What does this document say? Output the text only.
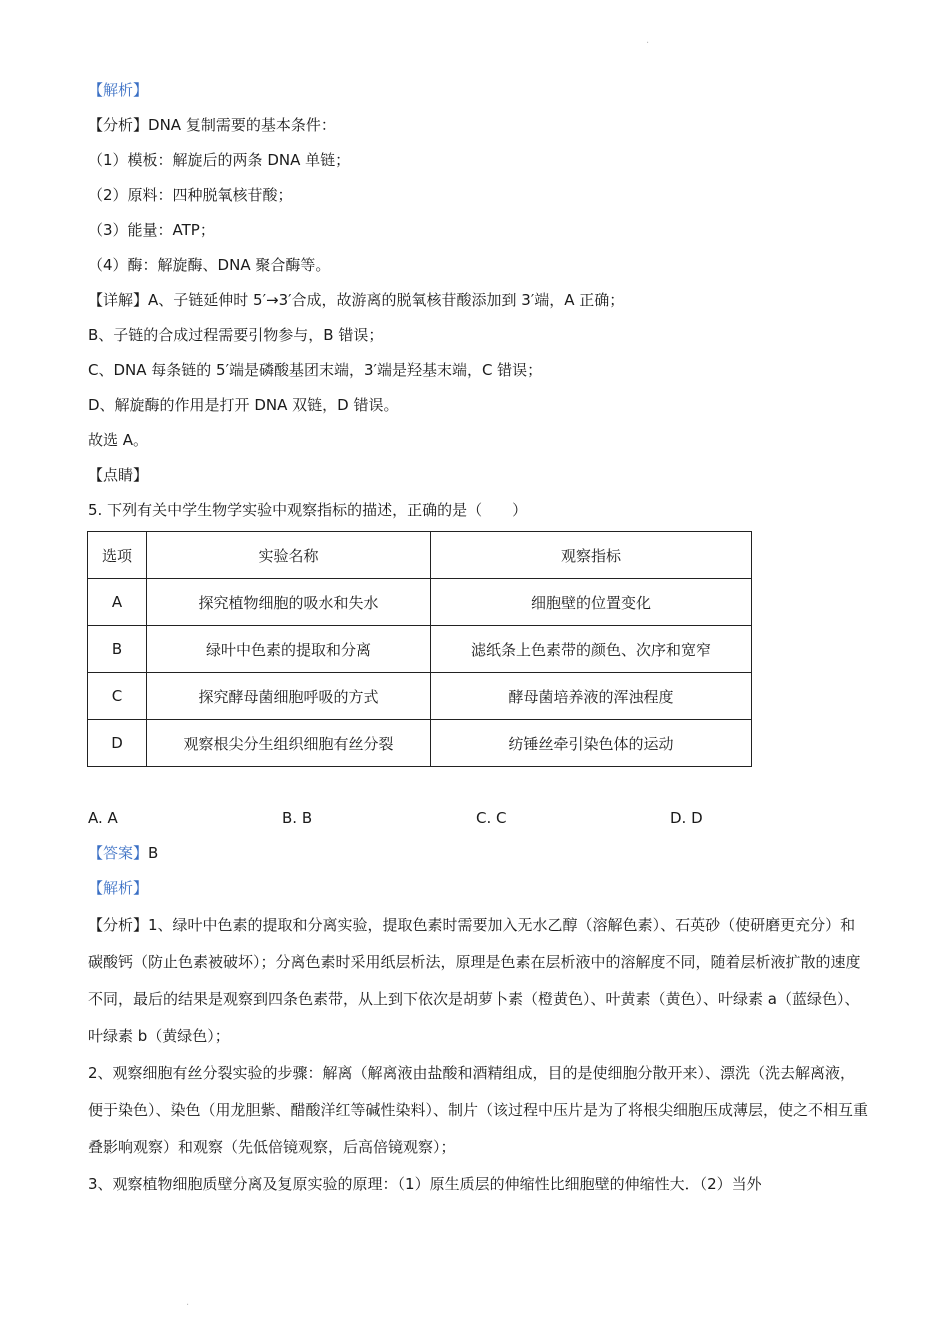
·
·
【解析】
【分析】DNA 复制需要的基本条件：
（1）模板：解旋后的两条 DNA 单链；
（2）原料：四种脱氧核苷酸；
（3）能量：ATP；
（4）酶：解旋酶、DNA 聚合酶等。
【详解】A、子链延伸时 5′→3′合成，故游离的脱氧核苷酸添加到 3′端，A 正确；
B、子链的合成过程需要引物参与，B 错误；
C、DNA 每条链的 5′端是磷酸基团末端，3′端是羟基末端，C 错误；
D、解旋酶的作用是打开 DNA 双链，D 错误。
故选 A。
【点睛】
5. 下列有关中学生物学实验中观察指标的描述，正确的是（　　）
选项	实验名称	观察指标
A	探究植物细胞的吸水和失水	细胞壁的位置变化
B	绿叶中色素的提取和分离	滤纸条上色素带的颜色、次序和宽窄
C	探究酵母菌细胞呼吸的方式	酵母菌培养液的浑浊程度
D	观察根尖分生组织细胞有丝分裂	纺锤丝牵引染色体的运动
A. A	B. B	C. C	D. D
【答案】B
【解析】
【分析】1、绿叶中色素的提取和分离实验，提取色素时需要加入无水乙醇（溶解色素）、石英砂（使研磨更充分）和碳酸钙（防止色素被破坏）；分离色素时采用纸层析法，原理是色素在层析液中的溶解度不同，随着层析液扩散的速度不同，最后的结果是观察到四条色素带，从上到下依次是胡萝卜素（橙黄色）、叶黄素（黄色）、叶绿素 a（蓝绿色）、叶绿素 b（黄绿色）；
2、观察细胞有丝分裂实验的步骤：解离（解离液由盐酸和酒精组成，目的是使细胞分散开来）、漂洗（洗去解离液，便于染色）、染色（用龙胆紫、醋酸洋红等碱性染料）、制片（该过程中压片是为了将根尖细胞压成薄层，使之不相互重叠影响观察）和观察（先低倍镜观察，后高倍镜观察）；
3、观察植物细胞质壁分离及复原实验的原理：（1）原生质层的伸缩性比细胞壁的伸缩性大．（2）当外
